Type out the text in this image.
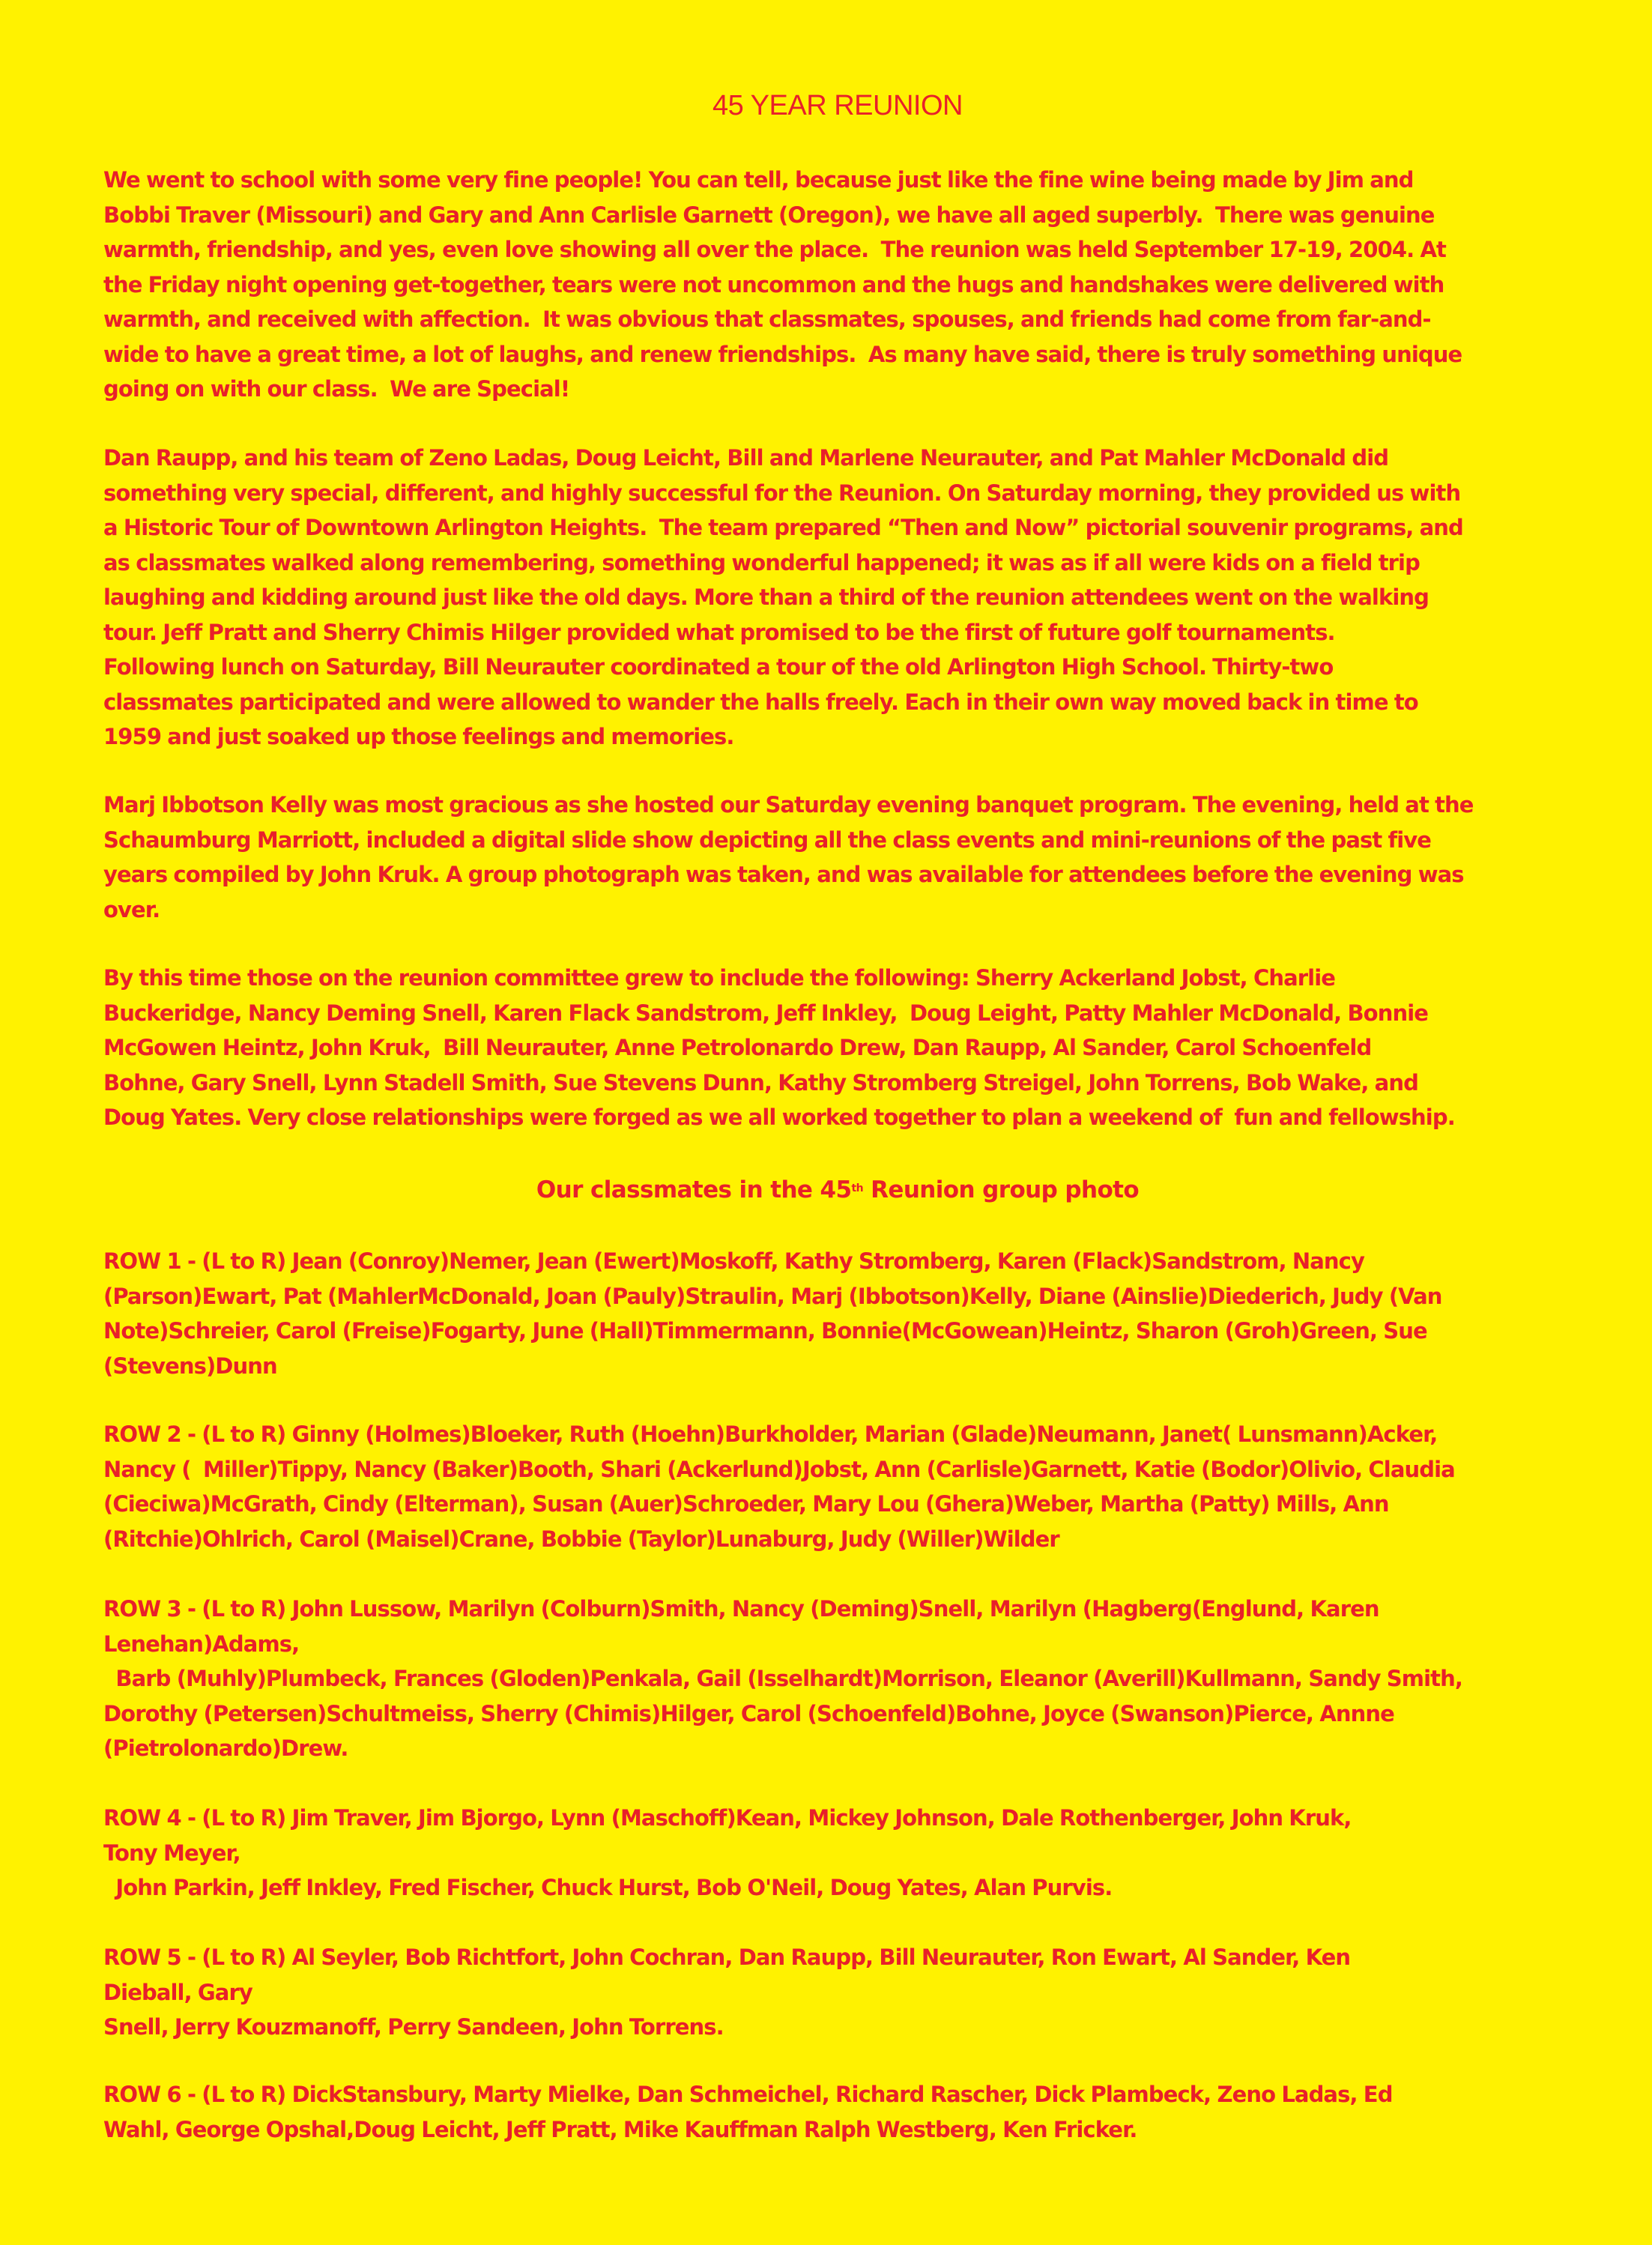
45 YEAR REUNION
We went to school with some very fine people! You can tell, because just like the fine wine being made by Jim and
Bobbi Traver (Missouri) and Gary and Ann Carlisle Garnett (Oregon), we have all aged superbly.  There was genuine
warmth, friendship, and yes, even love showing all over the place.  The reunion was held September 17-19, 2004. At
the Friday night opening get-together, tears were not uncommon and the hugs and handshakes were delivered with
warmth, and received with affection.  It was obvious that classmates, spouses, and friends had come from far-and-
wide to have a great time, a lot of laughs, and renew friendships.  As many have said, there is truly something unique
going on with our class.  We are Special!
Dan Raupp, and his team of Zeno Ladas, Doug Leicht, Bill and Marlene Neurauter, and Pat Mahler McDonald did
something very special, different, and highly successful for the Reunion. On Saturday morning, they provided us with
a Historic Tour of Downtown Arlington Heights.  The team prepared “Then and Now” pictorial souvenir programs, and
as classmates walked along remembering, something wonderful happened; it was as if all were kids on a field trip
laughing and kidding around just like the old days. More than a third of the reunion attendees went on the walking
tour. Jeff Pratt and Sherry Chimis Hilger provided what promised to be the first of future golf tournaments.
Following lunch on Saturday, Bill Neurauter coordinated a tour of the old Arlington High School. Thirty-two
classmates participated and were allowed to wander the halls freely. Each in their own way moved back in time to
1959 and just soaked up those feelings and memories.
Marj Ibbotson Kelly was most gracious as she hosted our Saturday evening banquet program. The evening, held at the
Schaumburg Marriott, included a digital slide show depicting all the class events and mini-reunions of the past five
years compiled by John Kruk. A group photograph was taken, and was available for attendees before the evening was
over.
By this time those on the reunion committee grew to include the following: Sherry Ackerland Jobst, Charlie
Buckeridge, Nancy Deming Snell, Karen Flack Sandstrom, Jeff Inkley,  Doug Leight, Patty Mahler McDonald, Bonnie
McGowen Heintz, John Kruk,  Bill Neurauter, Anne Petrolonardo Drew, Dan Raupp, Al Sander, Carol Schoenfeld
Bohne, Gary Snell, Lynn Stadell Smith, Sue Stevens Dunn, Kathy Stromberg Streigel, John Torrens, Bob Wake, and
Doug Yates. Very close relationships were forged as we all worked together to plan a weekend of  fun and fellowship.
Our classmates in the 45th Reunion group photo
ROW 1 - (L to R) Jean (Conroy)Nemer, Jean (Ewert)Moskoff, Kathy Stromberg, Karen (Flack)Sandstrom, Nancy
(Parson)Ewart, Pat (MahlerMcDonald, Joan (Pauly)Straulin, Marj (Ibbotson)Kelly, Diane (Ainslie)Diederich, Judy (Van
Note)Schreier, Carol (Freise)Fogarty, June (Hall)Timmermann, Bonnie(McGowean)Heintz, Sharon (Groh)Green, Sue
(Stevens)Dunn
ROW 2 - (L to R) Ginny (Holmes)Bloeker, Ruth (Hoehn)Burkholder, Marian (Glade)Neumann, Janet( Lunsmann)Acker,
Nancy (  Miller)Tippy, Nancy (Baker)Booth, Shari (Ackerlund)Jobst, Ann (Carlisle)Garnett, Katie (Bodor)Olivio, Claudia
(Cieciwa)McGrath, Cindy (Elterman), Susan (Auer)Schroeder, Mary Lou (Ghera)Weber, Martha (Patty) Mills, Ann
(Ritchie)Ohlrich, Carol (Maisel)Crane, Bobbie (Taylor)Lunaburg, Judy (Willer)Wilder
ROW 3 - (L to R) John Lussow, Marilyn (Colburn)Smith, Nancy (Deming)Snell, Marilyn (Hagberg(Englund, Karen
Lenehan)Adams,
Barb (Muhly)Plumbeck, Frances (Gloden)Penkala, Gail (Isselhardt)Morrison, Eleanor (Averill)Kullmann, Sandy Smith,
Dorothy (Petersen)Schultmeiss, Sherry (Chimis)Hilger, Carol (Schoenfeld)Bohne, Joyce (Swanson)Pierce, Annne
(Pietrolonardo)Drew.
ROW 4 - (L to R) Jim Traver, Jim Bjorgo, Lynn (Maschoff)Kean, Mickey Johnson, Dale Rothenberger, John Kruk,
Tony Meyer,
John Parkin, Jeff Inkley, Fred Fischer, Chuck Hurst, Bob O'Neil, Doug Yates, Alan Purvis.
ROW 5 - (L to R) Al Seyler, Bob Richtfort, John Cochran, Dan Raupp, Bill Neurauter, Ron Ewart, Al Sander, Ken
Dieball, Gary
Snell, Jerry Kouzmanoff, Perry Sandeen, John Torrens.
ROW 6 - (L to R) DickStansbury, Marty Mielke, Dan Schmeichel, Richard Rascher, Dick Plambeck, Zeno Ladas, Ed
Wahl, George Opshal,Doug Leicht, Jeff Pratt, Mike Kauffman Ralph Westberg, Ken Fricker.
